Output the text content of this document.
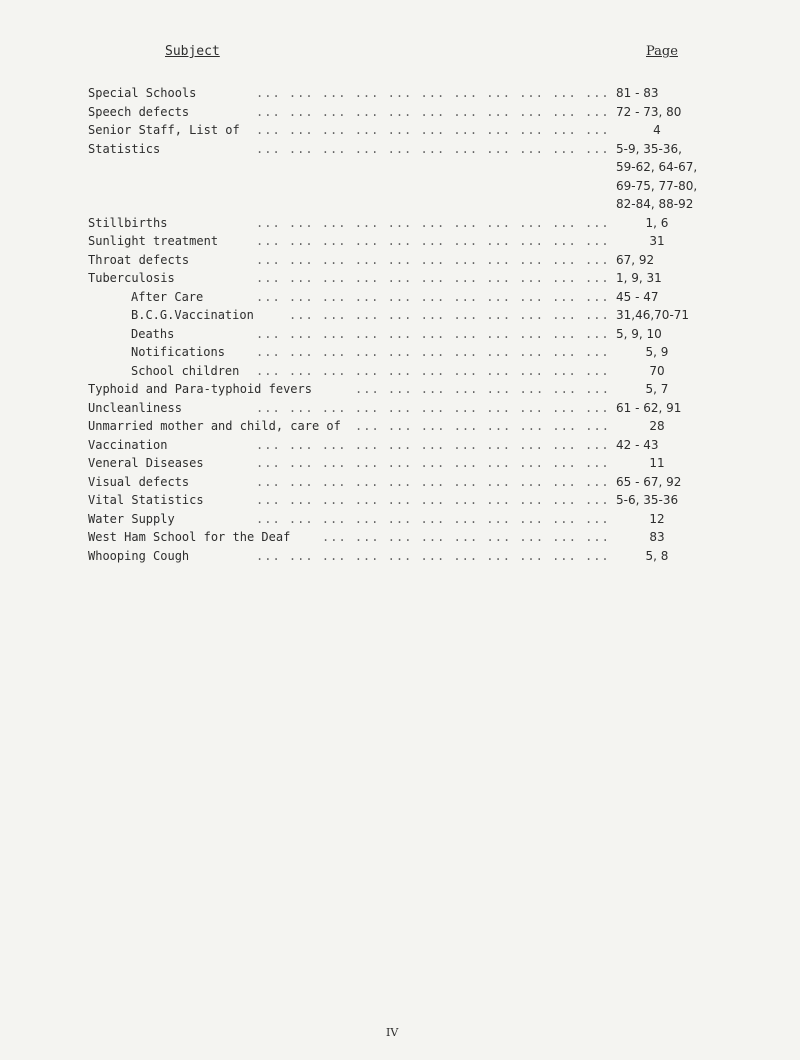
Subject	Page
Special Schools	... ... ... ... ... ... ... ... ... ... ... 81 - 83
Speech defects	... ... ... ... ... ... ... ... ... ... ... 72 - 73, 80
Senior Staff, List of ... ... ... ... ... ... ... ... ... ... ...	4
Statistics	... ... ... ... ... ... ... ... ... ... ... 5-9, 35-36,
59-62, 64-67,
69-75, 77-80,
82-84, 88-92
Stillbirths	... ... ... ... ... ... ... ... ... ... ...	1, 6
Sunlight treatment	... ... ... ... ... ... ... ... ... ... ...	31
Throat defects	... ... ... ... ... ... ... ... ... ... ... 67, 92
Tuberculosis	... ... ... ... ... ... ... ... ... ... ... 1, 9, 31
After Care	... ... ... ... ... ... ... ... ... ... ... 45 - 47
B.C.G.Vaccination	... ... ... ... ... ... ... ... ... ... 31,46,70-71
Deaths	... ... ... ... ... ... ... ... ... ... ... 5, 9, 10
Notifications	... ... ... ... ... ... ... ... ... ... ...	5, 9
School children ... ... ... ... ... ... ... ... ... ... ...	70
Typhoid and Para-typhoid fevers	... ... ... ... ... ... ... ...	5, 7
Uncleanliness	... ... ... ... ... ... ... ... ... ... ... 61 - 62, 91
Unmarried mother and child, care of ... ... ... ... ... ... ... ...	28
Vaccination	... ... ... ... ... ... ... ... ... ... ... 42 - 43
Veneral Diseases	... ... ... ... ... ... ... ... ... ... ...	11
Visual defects	... ... ... ... ... ... ... ... ... ... ... 65 - 67, 92
Vital Statistics	... ... ... ... ... ... ... ... ... ... ... 5-6, 35-36
Water Supply	... ... ... ... ... ... ... ... ... ... ...	12
West Ham School for the Deaf	... ... ... ... ... ... ... ... ...	83
Whooping Cough	... ... ... ... ... ... ... ... ... ... ...	5, 8
IV
